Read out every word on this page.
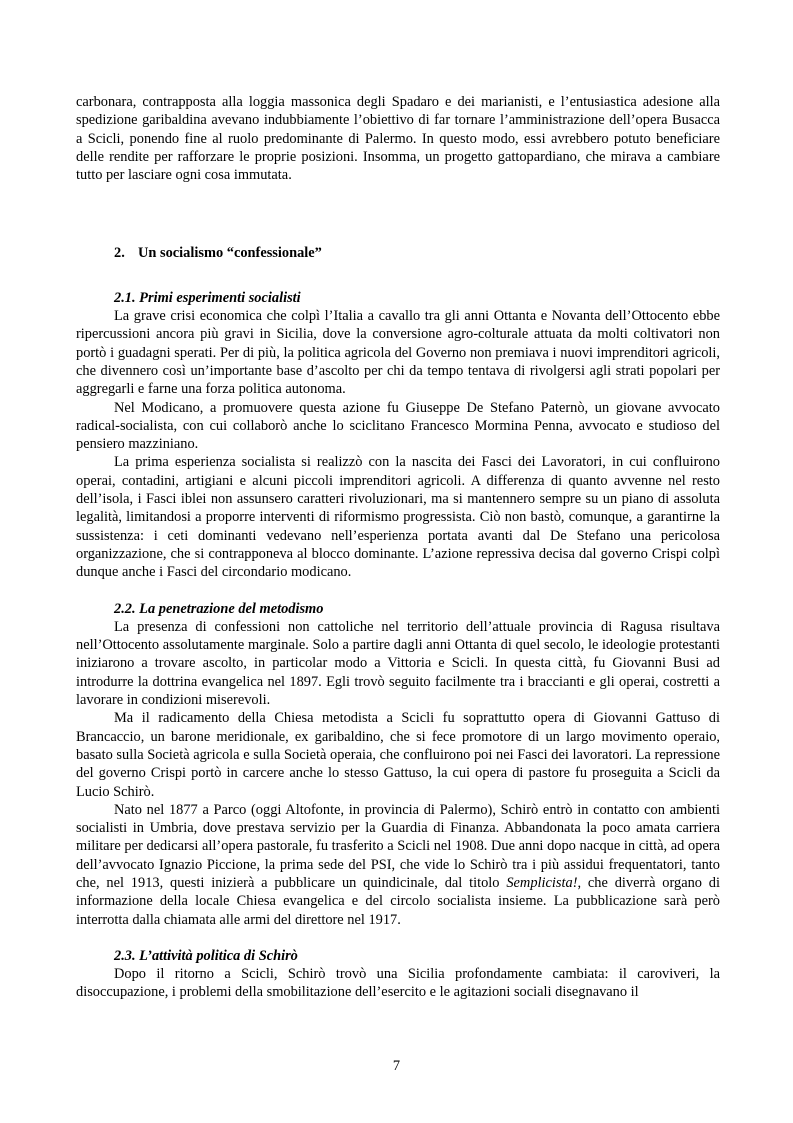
carbonara, contrapposta alla loggia massonica degli Spadaro e dei marianisti, e l’entusiastica adesione alla spedizione garibaldina avevano indubbiamente l’obiettivo di far tornare l’amministrazione dell’opera Busacca a Scicli, ponendo fine al ruolo predominante di Palermo. In questo modo, essi avrebbero potuto beneficiare delle rendite per rafforzare le proprie posizioni. Insomma, un progetto gattopardiano, che mirava a cambiare tutto per lasciare ogni cosa immutata.

2. Un socialismo “confessionale”

2.1. Primi esperimenti socialisti

La grave crisi economica che colpì l’Italia a cavallo tra gli anni Ottanta e Novanta dell’Ottocento ebbe ripercussioni ancora più gravi in Sicilia, dove la conversione agro-colturale attuata da molti coltivatori non portò i guadagni sperati. Per di più, la politica agricola del Governo non premiava i nuovi imprenditori agricoli, che divennero così un’importante base d’ascolto per chi da tempo tentava di rivolgersi agli strati popolari per aggregarli e farne una forza politica autonoma.

Nel Modicano, a promuovere questa azione fu Giuseppe De Stefano Paternò, un giovane avvocato radical-socialista, con cui collaborò anche lo sciclitano Francesco Mormina Penna, avvocato e studioso del pensiero mazziniano.

La prima esperienza socialista si realizzò con la nascita dei Fasci dei Lavoratori, in cui confluirono operai, contadini, artigiani e alcuni piccoli imprenditori agricoli. A differenza di quanto avvenne nel resto dell’isola, i Fasci iblei non assunsero caratteri rivoluzionari, ma si mantennero sempre su un piano di assoluta legalità, limitandosi a proporre interventi di riformismo progressista. Ciò non bastò, comunque, a garantirne la sussistenza: i ceti dominanti vedevano nell’esperienza portata avanti dal De Stefano una pericolosa organizzazione, che si contrapponeva al blocco dominante. L’azione repressiva decisa dal governo Crispi colpì dunque anche i Fasci del circondario modicano.

2.2. La penetrazione del metodismo

La presenza di confessioni non cattoliche nel territorio dell’attuale provincia di Ragusa risultava nell’Ottocento assolutamente marginale. Solo a partire dagli anni Ottanta di quel secolo, le ideologie protestanti iniziarono a trovare ascolto, in particolar modo a Vittoria e Scicli. In questa città, fu Giovanni Busi ad introdurre la dottrina evangelica nel 1897. Egli trovò seguito facilmente tra i braccianti e gli operai, costretti a lavorare in condizioni miserevoli.

Ma il radicamento della Chiesa metodista a Scicli fu soprattutto opera di Giovanni Gattuso di Brancaccio, un barone meridionale, ex garibaldino, che si fece promotore di un largo movimento operaio, basato sulla Società agricola e sulla Società operaia, che confluirono poi nei Fasci dei lavoratori. La repressione del governo Crispi portò in carcere anche lo stesso Gattuso, la cui opera di pastore fu proseguita a Scicli da Lucio Schirò.

Nato nel 1877 a Parco (oggi Altofonte, in provincia di Palermo), Schirò entrò in contatto con ambienti socialisti in Umbria, dove prestava servizio per la Guardia di Finanza. Abbandonata la poco amata carriera militare per dedicarsi all’opera pastorale, fu trasferito a Scicli nel 1908. Due anni dopo nacque in città, ad opera dell’avvocato Ignazio Piccione, la prima sede del PSI, che vide lo Schirò tra i più assidui frequentatori, tanto che, nel 1913, questi inizierà a pubblicare un quindicinale, dal titolo Semplicista!, che diverrà organo di informazione della locale Chiesa evangelica e del circolo socialista insieme. La pubblicazione sarà però interrotta dalla chiamata alle armi del direttore nel 1917.

2.3. L’attività politica di Schirò

Dopo il ritorno a Scicli, Schirò trovò una Sicilia profondamente cambiata: il caroviveri, la disoccupazione, i problemi della smobilitazione dell’esercito e le agitazioni sociali disegnavano il

7
